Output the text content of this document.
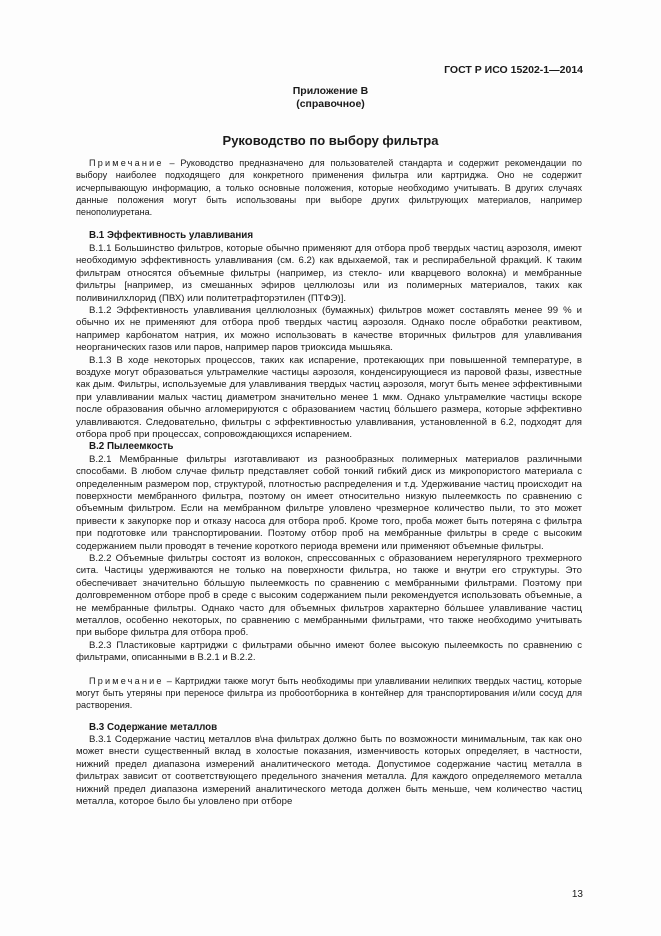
ГОСТ Р ИСО 15202-1—2014
Приложение В
(справочное)
Руководство по выбору фильтра

Примечание – Руководство предназначено для пользователей стандарта и содержит рекомендации по выбору наиболее подходящего для конкретного применения фильтра или картриджа. Оно не содержит исчерпывающую информацию, а только основные положения, которые необходимо учитывать. В других случаях данные положения могут быть использованы при выборе других фильтрующих материалов, например пенополиуретана.

В.1 Эффективность улавливания

В.1.1 Большинство фильтров, которые обычно применяют для отбора проб твердых частиц аэрозоля, имеют необходимую эффективность улавливания (см. 6.2) как вдыхаемой, так и респирабельной фракций. К таким фильтрам относятся объемные фильтры (например, из стекло- или кварцевого волокна) и мембранные фильтры [например, из смешанных эфиров целлюлозы или из полимерных материалов, таких как поливинилхлорид (ПВХ) или политетрафторэтилен (ПТФЭ)].

В.1.2 Эффективность улавливания целлюлозных (бумажных) фильтров может составлять менее 99 % и обычно их не применяют для отбора проб твердых частиц аэрозоля. Однако после обработки реактивом, например карбонатом натрия, их можно использовать в качестве вторичных фильтров для улавливания неорганических газов или паров, например паров триоксида мышьяка.

В.1.3 В ходе некоторых процессов, таких как испарение, протекающих при повышенной температуре, в воздухе могут образоваться ультрамелкие частицы аэрозоля, конденсирующиеся из паровой фазы, известные как дым. Фильтры, используемые для улавливания твердых частиц аэрозоля, могут быть менее эффективными при улавливании малых частиц диаметром значительно менее 1 мкм. Однако ультрамелкие частицы вскоре после образования обычно агломерируются с образованием частиц бóльшего размера, которые эффективно улавливаются. Следовательно, фильтры с эффективностью улавливания, установленной в 6.2, подходят для отбора проб при процессах, сопровождающихся испарением.

В.2 Пылеемкость

В.2.1 Мембранные фильтры изготавливают из разнообразных полимерных материалов различными способами. В любом случае фильтр представляет собой тонкий гибкий диск из микропористого материала с определенным размером пор, структурой, плотностью распределения и т.д. Удерживание частиц происходит на поверхности мембранного фильтра, поэтому он имеет относительно низкую пылеемкость по сравнению с объемным фильтром. Если на мембранном фильтре уловлено чрезмерное количество пыли, то это может привести к закупорке пор и отказу насоса для отбора проб. Кроме того, проба может быть потеряна с фильтра при подготовке или транспортировании. Поэтому отбор проб на мембранные фильтры в среде с высоким содержанием пыли проводят в течение короткого периода времени или применяют объемные фильтры.

В.2.2 Объемные фильтры состоят из волокон, спрессованных с образованием нерегулярного трехмерного сита. Частицы удерживаются не только на поверхности фильтра, но также и внутри его структуры. Это обеспечивает значительно бóльшую пылеемкость по сравнению с мембранными фильтрами. Поэтому при долговременном отборе проб в среде с высоким содержанием пыли рекомендуется использовать объемные, а не мембранные фильтры. Однако часто для объемных фильтров характерно бóльшее улавливание частиц металлов, особенно некоторых, по сравнению с мембранными фильтрами, что также необходимо учитывать при выборе фильтра для отбора проб.

В.2.3 Пластиковые картриджи с фильтрами обычно имеют более высокую пылеемкость по сравнению с фильтрами, описанными в В.2.1 и В.2.2.

Примечание – Картриджи также могут быть необходимы при улавливании нелипких твердых частиц, которые могут быть утеряны при переносе фильтра из пробоотборника в контейнер для транспортирования и/или сосуд для растворения.

В.3 Содержание металлов

В.3.1 Содержание частиц металлов в\на фильтрах должно быть по возможности минимальным, так как оно может внести существенный вклад в холостые показания, изменчивость которых определяет, в частности, нижний предел диапазона измерений аналитического метода. Допустимое содержание частиц металла в фильтрах зависит от соответствующего предельного значения металла. Для каждого определяемого металла нижний предел диапазона измерений аналитического метода должен быть меньше, чем количество частиц металла, которое было бы уловлено при отборе

13
